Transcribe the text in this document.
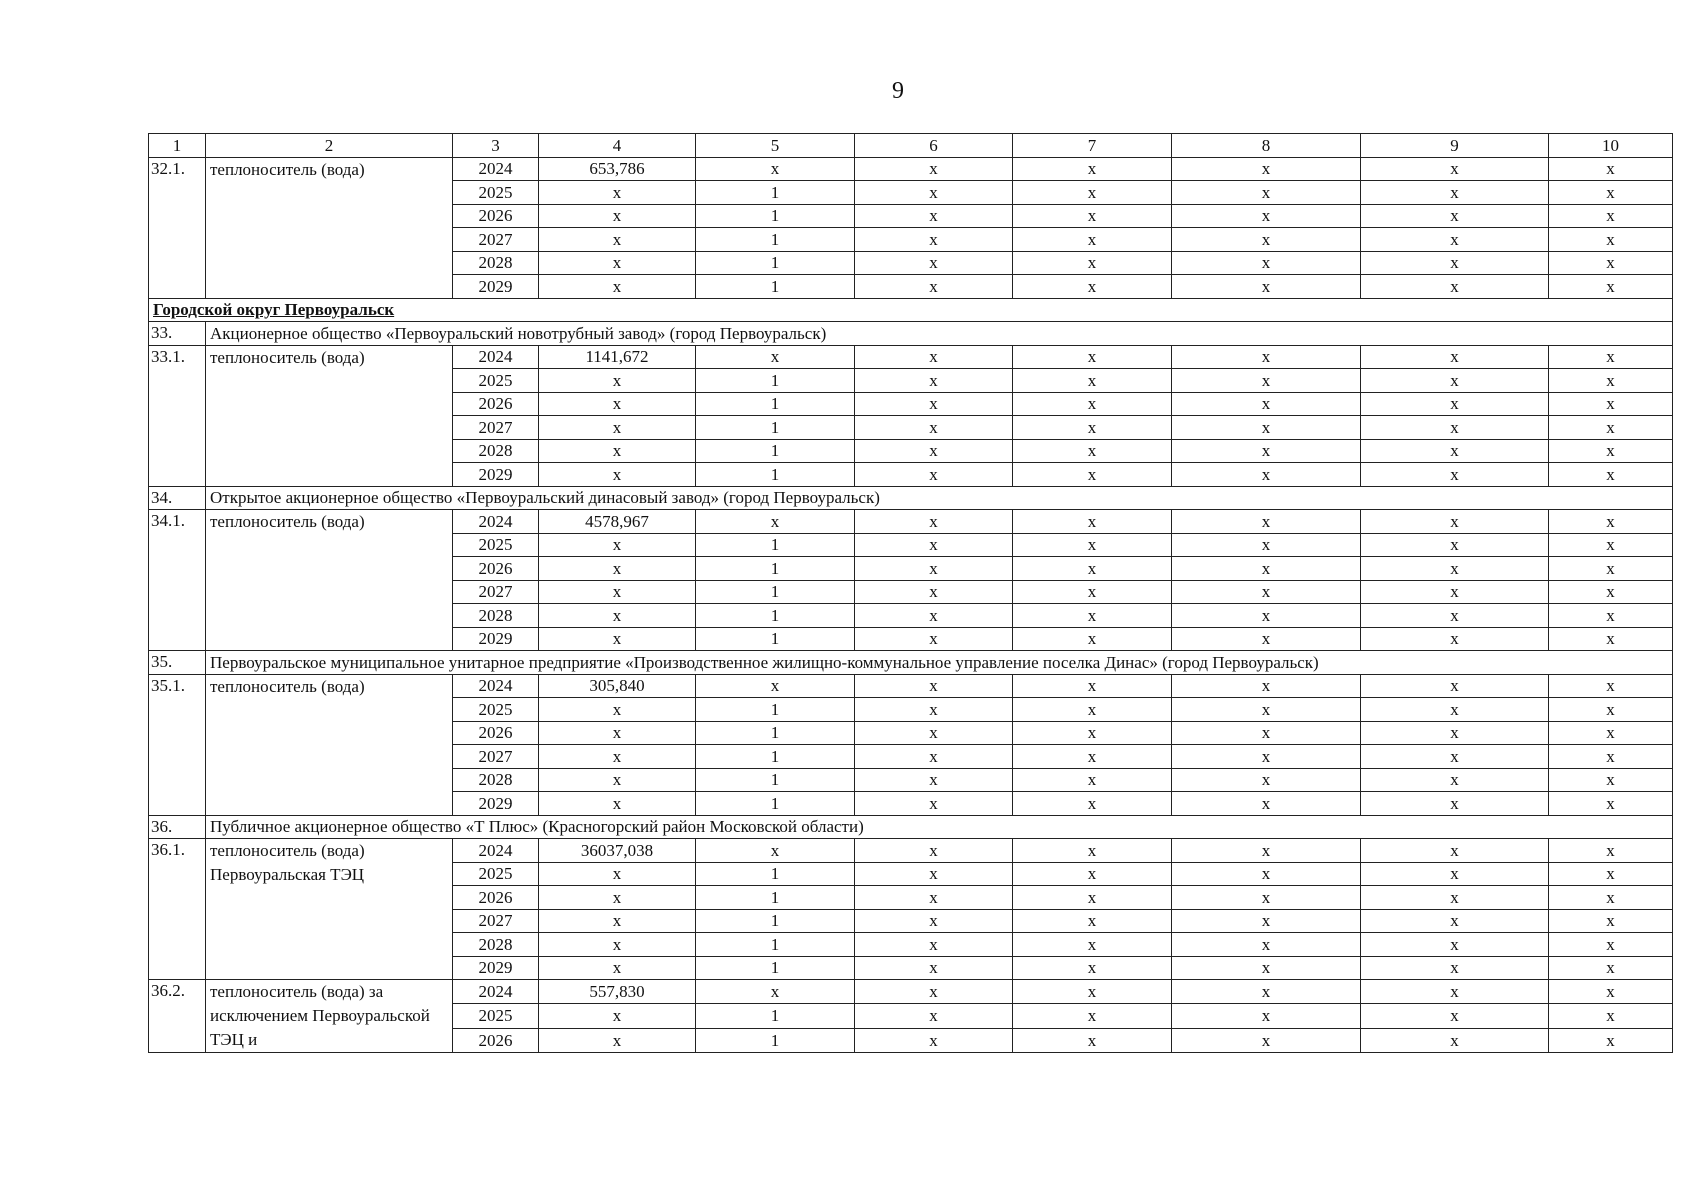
9
1	2	3	4	5	6	7	8	9	10
32.1.	теплоноситель (вода)	2024	653,786	x	x	x	x	x	x
		2025	x	1	x	x	x	x	x
		2026	x	1	x	x	x	x	x
		2027	x	1	x	x	x	x	x
		2028	x	1	x	x	x	x	x
		2029	x	1	x	x	x	x	x
Городской округ Первоуральск									
33.	Акционерное общество «Первоуральский новотрубный завод» (город Первоуральск)								
33.1.	теплоноситель (вода)	2024	1141,672	x	x	x	x	x	x
		2025	x	1	x	x	x	x	x
		2026	x	1	x	x	x	x	x
		2027	x	1	x	x	x	x	x
		2028	x	1	x	x	x	x	x
		2029	x	1	x	x	x	x	x
34.	Открытое акционерное общество «Первоуральский динасовый завод» (город Первоуральск)								
34.1.	теплоноситель (вода)	2024	4578,967	x	x	x	x	x	x
		2025	x	1	x	x	x	x	x
		2026	x	1	x	x	x	x	x
		2027	x	1	x	x	x	x	x
		2028	x	1	x	x	x	x	x
		2029	x	1	x	x	x	x	x
35.	Первоуральское муниципальное унитарное предприятие «Производственное жилищно-коммунальное управление поселка Динас» (город Первоуральск)								
35.1.	теплоноситель (вода)	2024	305,840	x	x	x	x	x	x
		2025	x	1	x	x	x	x	x
		2026	x	1	x	x	x	x	x
		2027	x	1	x	x	x	x	x
		2028	x	1	x	x	x	x	x
		2029	x	1	x	x	x	x	x
36.	Публичное акционерное общество «Т Плюс» (Красногорский район Московской области)								
36.1.	теплоноситель (вода) Первоуральская ТЭЦ	2024	36037,038	x	x	x	x	x	x
		2025	x	1	x	x	x	x	x
		2026	x	1	x	x	x	x	x
		2027	x	1	x	x	x	x	x
		2028	x	1	x	x	x	x	x
		2029	x	1	x	x	x	x	x
36.2.	теплоноситель (вода) за исключением Первоуральской ТЭЦ и	2024	557,830	x	x	x	x	x	x
		2025	x	1	x	x	x	x	x
		2026	x	1	x	x	x	x	x
